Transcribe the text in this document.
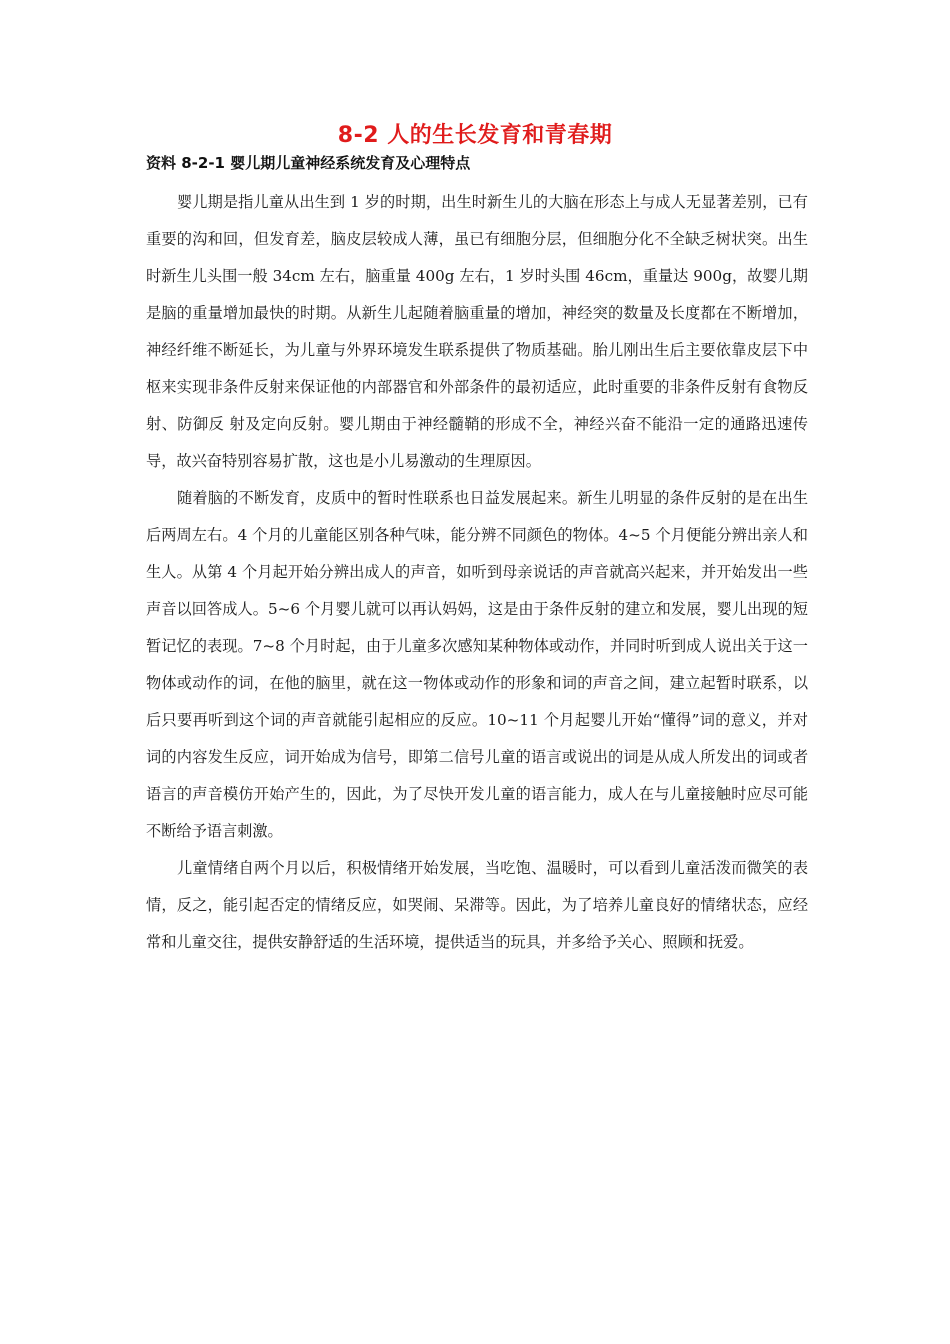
8-2 人的生长发育和青春期
资料 8-2-1 婴儿期儿童神经系统发育及心理特点

婴儿期是指儿童从出生到 1 岁的时期，出生时新生儿的大脑在形态上与成人无显著差别，已有重要的沟和回，但发育差，脑皮层较成人薄，虽已有细胞分层，但细胞分化不全缺乏树状突。出生时新生儿头围一般 34cm 左右，脑重量 400g 左右，1 岁时头围 46cm，重量达 900g，故婴儿期是脑的重量增加最快的时期。从新生儿起随着脑重量的增加，神经突的数量及长度都在不断增加，神经纤维不断延长，为儿童与外界环境发生联系提供了物质基础。胎儿刚出生后主要依靠皮层下中枢来实现非条件反射来保证他的内部器官和外部条件的最初适应，此时重要的非条件反射有食物反射、防御反 射及定向反射。婴儿期由于神经髓鞘的形成不全，神经兴奋不能沿一定的通路迅速传导，故兴奋特别容易扩散，这也是小儿易激动的生理原因。

随着脑的不断发育，皮质中的暂时性联系也日益发展起来。新生儿明显的条件反射的是在出生后两周左右。4 个月的儿童能区别各种气味，能分辨不同颜色的物体。4~5 个月便能分辨出亲人和生人。从第 4 个月起开始分辨出成人的声音，如听到母亲说话的声音就高兴起来，并开始发出一些声音以回答成人。5~6 个月婴儿就可以再认妈妈，这是由于条件反射的建立和发展，婴儿出现的短暂记忆的表现。7~8 个月时起，由于儿童多次感知某种物体或动作，并同时听到成人说出关于这一物体或动作的词，在他的脑里，就在这一物体或动作的形象和词的声音之间，建立起暂时联系，以后只要再听到这个词的声音就能引起相应的反应。10~11 个月起婴儿开始“懂得”词的意义，并对词的内容发生反应，词开始成为信号，即第二信号儿童的语言或说出的词是从成人所发出的词或者语言的声音模仿开始产生的，因此，为了尽快开发儿童的语言能力，成人在与儿童接触时应尽可能不断给予语言刺激。

儿童情绪自两个月以后，积极情绪开始发展，当吃饱、温暖时，可以看到儿童活泼而微笑的表情，反之，能引起否定的情绪反应，如哭闹、呆滞等。因此，为了培养儿童良好的情绪状态，应经常和儿童交往，提供安静舒适的生活环境，提供适当的玩具，并多给予关心、照顾和抚爱。
